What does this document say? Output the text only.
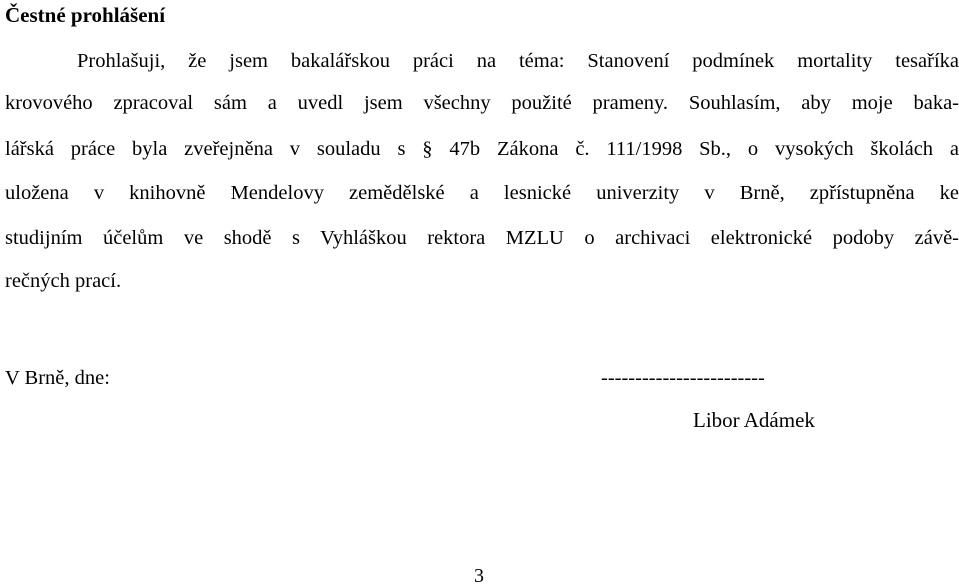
Čestné prohlášení
Prohlašuji, že jsem bakalářskou práci na téma: Stanovení podmínek mortality tesaříka
krovového zpracoval sám a uvedl jsem všechny použité prameny. Souhlasím, aby moje baka-
lářská práce byla zveřejněna v souladu s § 47b Zákona č. 111/1998 Sb., o vysokých školách a
uložena v knihovně Mendelovy zemědělské a lesnické univerzity v Brně, zpřístupněna ke
studijním účelům ve shodě s Vyhláškou rektora MZLU o archivaci elektronické podoby závě-
rečných prací.
V Brně, dne:	------------------------
Libor Adámek
3
